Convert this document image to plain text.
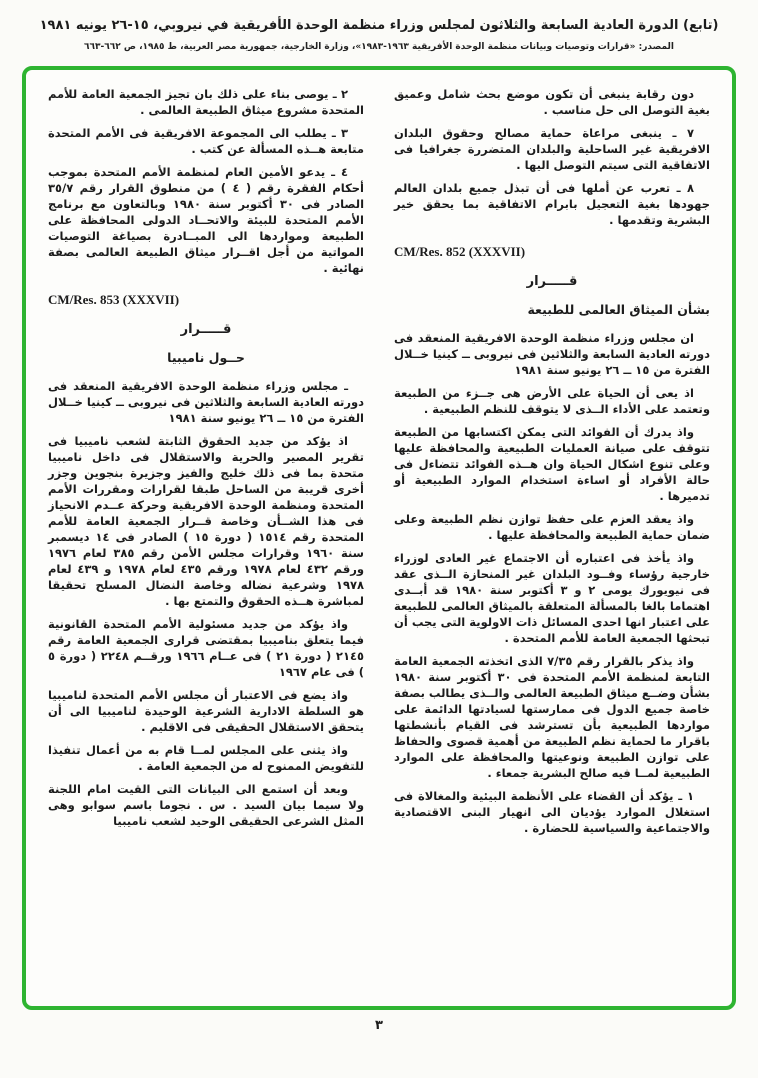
(تابع) الدورة العادية السابعة والثلاثون لمجلس وزراء منظمة الوحدة الأفريقية في نيروبي، ١٥-٢٦ يونيه ١٩٨١
المصدر: «قرارات وتوصيات وبيانات منظمة الوحدة الأفريقية ١٩٦٣-١٩٨٣»، وزارة الخارجية، جمهورية مصر العربية، ط ١٩٨٥، ص ٦٦٢-٦٦٣

دون رقابة ينبغى أن تكون موضع بحث شامل وعميق بغية التوصل الى حل مناسب .

٧ ـ ينبغى مراعاة حماية مصالح وحقوق البلدان الافريقية غير الساحلية والبلدان المتضررة جغرافيا فى الاتفاقية التى سيتم التوصل اليها .

٨ ـ تعرب عن أملها فى أن تبذل جميع بلدان العالم جهودها بغية التعجيل بابرام الاتفاقية بما يحقق خير البشرية وتقدمها .

CM/Res. 852 (XXXVII)

قـــــرار

بشأن الميثاق العالمى للطبيعة

ان مجلس وزراء منظمة الوحدة الافريقية المنعقد فى دورته العادية السابعة والثلاثين فى نيروبى ــ كينيا خــلال الفترة من ١٥ ــ ٢٦ يونيو سنة ١٩٨١

اذ يعى أن الحياة على الأرض هى جــزء من الطبيعة وتعتمد على الأداء الــذى لا يتوقف للنظم الطبيعية .

واذ يدرك أن الفوائد التى يمكن اكتسابها من الطبيعة تتوقف على صيانة العمليات الطبيعية والمحافظة عليها وعلى تنوع اشكال الحياة وان هــذه الفوائد تتضاءل فى حالة الأفراد أو اساءة استخدام الموارد الطبيعية أو تدميرها .

واذ يعقد العزم على حفظ توازن نظم الطبيعة وعلى ضمان حماية الطبيعة والمحافظة عليها .

واذ يأخذ فى اعتباره أن الاجتماع غير العادى لوزراء خارجية رؤساء وفــود البلدان غير المنحازة الــذى عقد فى نيويورك يومى ٢ و ٣ أكتوبر سنة ١٩٨٠ قد أبــدى اهتماما بالغا بالمسألة المتعلقة بالميثاق العالمى للطبيعة على اعتبار انها احدى المسائل ذات الاولوية التى يجب أن تبحثها الجمعية العامة للأمم المتحدة .

واذ يذكر بالقرار رقم ٧/٣٥ الذى اتخذته الجمعية العامة التابعة لمنظمة الأمم المتحدة فى ٣٠ أكتوبر سنة ١٩٨٠ بشأن وضــع ميثاق الطبيعة العالمى والــذى يطالب بصفة خاصة جميع الدول فى ممارستها لسيادتها الدائمة على مواردها الطبيعية بأن تسترشد فى القيام بأنشطتها باقرار ما لحماية نظم الطبيعة من أهمية قصوى والحفاظ على توازن الطبيعة ونوعيتها والمحافظة على الموارد الطبيعية لمــا فيه صالح البشرية جمعاء .

١ ـ يؤكد أن القضاء على الأنظمة البيئية والمغالاة فى استغلال الموارد يؤديان الى انهيار البنى الاقتصادية والاجتماعية والسياسية للحضارة .

٢ ـ يوصى بناء على ذلك بان تجيز الجمعية العامة للأمم المتحدة مشروع ميثاق الطبيعة العالمى .

٣ ـ يطلب الى المجموعة الافريقية فى الأمم المتحدة متابعة هــذه المسألة عن كتب .

٤ ـ يدعو الأمين العام لمنظمة الأمم المتحدة بموجب أحكام الفقرة رقم ( ٤ ) من منطوق القرار رقم ٣٥/٧ الصادر فى ٣٠ أكتوبر سنة ١٩٨٠ وبالتعاون مع برنامج الأمم المتحدة للبيئة والاتحــاد الدولى المحافظة على الطبيعة ومواردها الى المبــادرة بصياغة التوصيات المواتية من أجل اقــرار ميثاق الطبيعة العالمى بصفة نهائية .

CM/Res. 853 (XXXVII)

قـــــرار

حــول ناميبيا

ـ مجلس وزراء منظمة الوحدة الافريقية المنعقد فى دورته العادية السابعة والثلاثين فى نيروبى ــ كينيا خــلال الفترة من ١٥ ــ ٢٦ يونيو سنة ١٩٨١

اذ يؤكد من جديد الحقوق الثابتة لشعب ناميبيا فى تقرير المصير والحرية والاستقلال فى داخل ناميبيا متحدة بما فى ذلك خليج والفيز وجزيرة بنجوين وجزر أخرى قريبة من الساحل طبقا لقرارات ومقررات الأمم المتحدة ومنظمة الوحدة الافريقية وحركة عــدم الانحياز فى هذا الشــأن وخاصة قــرار الجمعية العامة للأمم المتحدة رقم ١٥١٤ ( دورة ١٥ ) الصادر فى ١٤ ديسمبر سنة ١٩٦٠ وقرارات مجلس الأمن رقم ٣٨٥ لعام ١٩٧٦ ورقم ٤٣٢ لعام ١٩٧٨ ورقم ٤٣٥ لعام ١٩٧٨ و ٤٣٩ لعام ١٩٧٨ وشرعية نضاله وخاصة النضال المسلح تحقيقا لمباشرة هــذه الحقوق والتمتع بها .

واذ يؤكد من جديد مسئولية الأمم المتحدة القانونية فيما يتعلق بناميبيا بمقتضى قرارى الجمعية العامة رقم ٢١٤٥ ( دورة ٢١ ) فى عــام ١٩٦٦ ورقــم ٢٢٤٨ ( دورة ٥ ) فى عام ١٩٦٧

واذ يضع فى الاعتبار أن مجلس الأمم المتحدة لناميبيا هو السلطة الادارية الشرعية الوحيدة لناميبيا الى أن يتحقق الاستقلال الحقيقى فى الاقليم .

واذ يثنى على المجلس لمــا قام به من أعمال تنفيذا للتفويض الممنوح له من الجمعية العامة .

وبعد أن استمع الى البيانات التى القيت امام اللجنة ولا سيما بيان السيد . س . نجوما باسم سوابو وهى المثل الشرعى الحقيقى الوحيد لشعب ناميبيا

٣
